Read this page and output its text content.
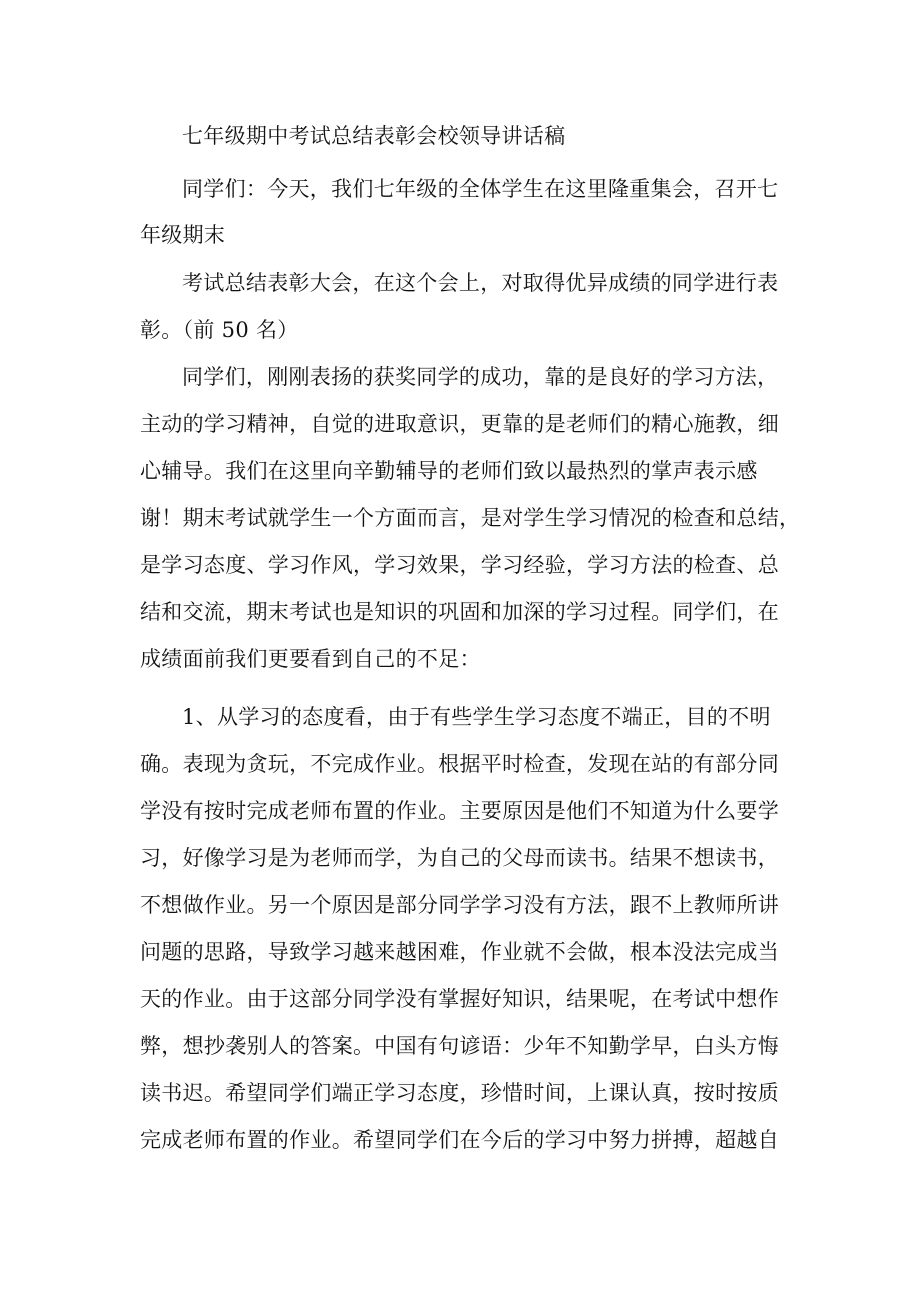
七年级期中考试总结表彰会校领导讲话稿
同学们：今天，我们七年级的全体学生在这里隆重集会，召开七
年级期末
考试总结表彰大会，在这个会上，对取得优异成绩的同学进行表
彰。（前 50 名）
同学们，刚刚表扬的获奖同学的成功，靠的是良好的学习方法，
主动的学习精神，自觉的进取意识，更靠的是老师们的精心施教，细
心辅导。我们在这里向辛勤辅导的老师们致以最热烈的掌声表示感
谢！期末考试就学生一个方面而言，是对学生学习情况的检查和总结，
是学习态度、学习作风，学习效果，学习经验，学习方法的检查、总
结和交流，期末考试也是知识的巩固和加深的学习过程。同学们，在
成绩面前我们更要看到自己的不足：
1、从学习的态度看，由于有些学生学习态度不端正，目的不明
确。表现为贪玩，不完成作业。根据平时检查，发现在站的有部分同
学没有按时完成老师布置的作业。主要原因是他们不知道为什么要学
习，好像学习是为老师而学，为自己的父母而读书。结果不想读书，
不想做作业。另一个原因是部分同学学习没有方法，跟不上教师所讲
问题的思路，导致学习越来越困难，作业就不会做，根本没法完成当
天的作业。由于这部分同学没有掌握好知识，结果呢，在考试中想作
弊，想抄袭别人的答案。中国有句谚语：少年不知勤学早，白头方悔
读书迟。希望同学们端正学习态度，珍惜时间，上课认真，按时按质
完成老师布置的作业。希望同学们在今后的学习中努力拼搏，超越自
